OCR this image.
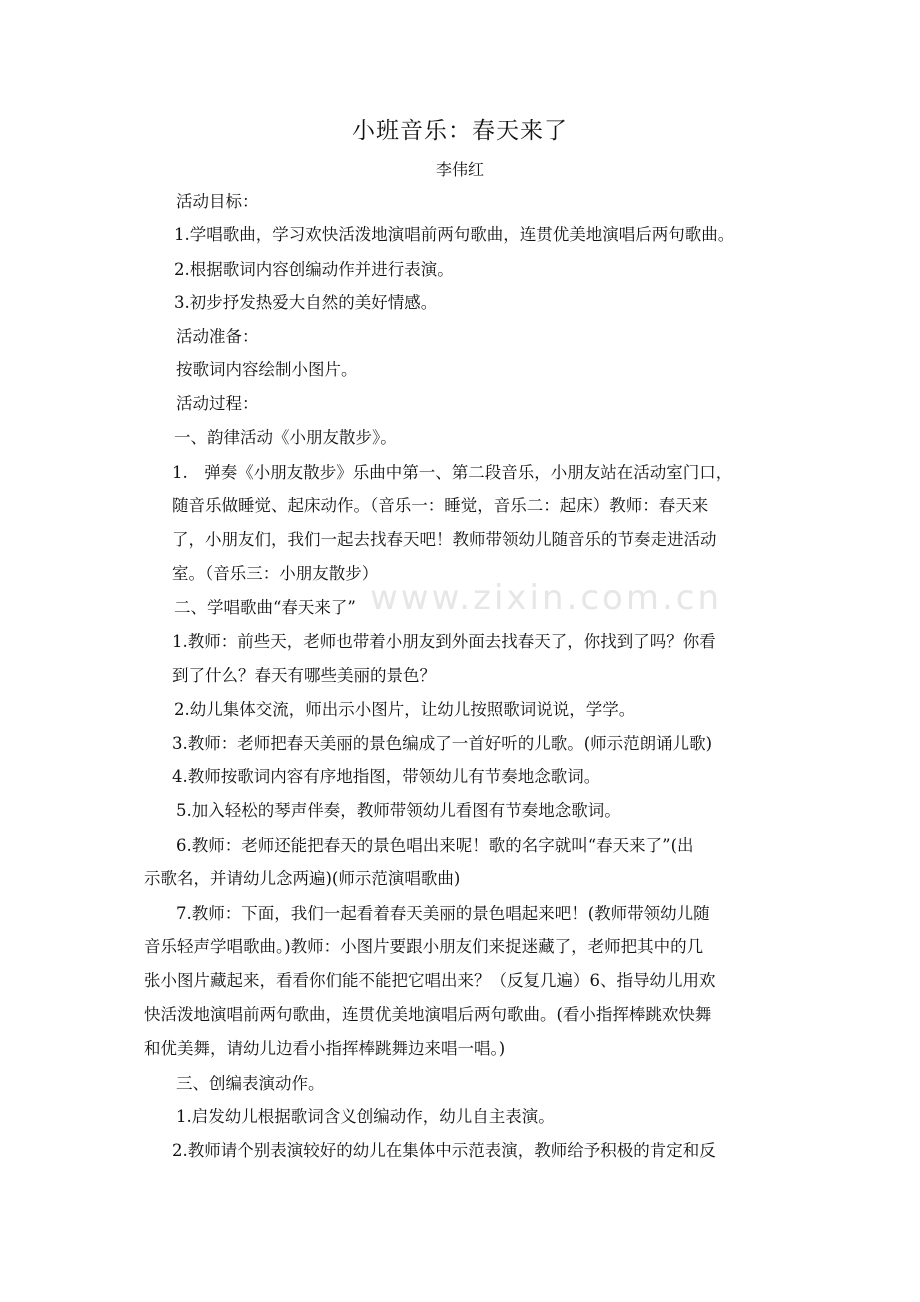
小班音乐：春天来了
李伟红
www.zixin.com.cn
活动目标：
1.学唱歌曲，学习欢快活泼地演唱前两句歌曲，连贯优美地演唱后两句歌曲。
2.根据歌词内容创编动作并进行表演。
3.初步抒发热爱大自然的美好情感。
活动准备：
按歌词内容绘制小图片。
活动过程：
一、韵律活动《小朋友散步》。
1.　弹奏《小朋友散步》乐曲中第一、第二段音乐，小朋友站在活动室门口，
随音乐做睡觉、起床动作。（音乐一：睡觉，音乐二：起床）教师：春天来
了，小朋友们，我们一起去找春天吧！教师带领幼儿随音乐的节奏走进活动
室。（音乐三：小朋友散步）
二、学唱歌曲“春天来了”
1.教师：前些天，老师也带着小朋友到外面去找春天了，你找到了吗？你看
到了什么？春天有哪些美丽的景色？
2.幼儿集体交流，师出示小图片，让幼儿按照歌词说说，学学。
3.教师：老师把春天美丽的景色编成了一首好听的儿歌。(师示范朗诵儿歌)
4.教师按歌词内容有序地指图，带领幼儿有节奏地念歌词。
5.加入轻松的琴声伴奏，教师带领幼儿看图有节奏地念歌词。
6.教师：老师还能把春天的景色唱出来呢！歌的名字就叫“春天来了”(出
示歌名，并请幼儿念两遍)(师示范演唱歌曲)
7.教师：下面，我们一起看着春天美丽的景色唱起来吧！(教师带领幼儿随
音乐轻声学唱歌曲。)教师：小图片要跟小朋友们来捉迷藏了，老师把其中的几
张小图片藏起来，看看你们能不能把它唱出来？（反复几遍）6、指导幼儿用欢
快活泼地演唱前两句歌曲，连贯优美地演唱后两句歌曲。(看小指挥棒跳欢快舞
和优美舞，请幼儿边看小指挥棒跳舞边来唱一唱。)
三、创编表演动作。
1.启发幼儿根据歌词含义创编动作，幼儿自主表演。
2.教师请个别表演较好的幼儿在集体中示范表演，教师给予积极的肯定和反
